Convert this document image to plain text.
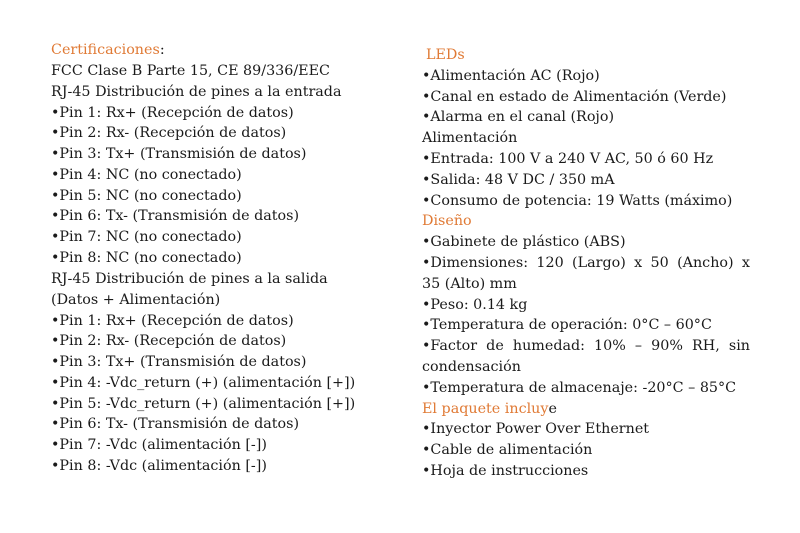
Certificaciones:
FCC Clase B Parte 15, CE 89/336/EEC
RJ-45 Distribución de pines a la entrada
•Pin 1: Rx+ (Recepción de datos)
•Pin 2: Rx- (Recepción de datos)
•Pin 3: Tx+ (Transmisión de datos)
•Pin 4: NC (no conectado)
•Pin 5: NC (no conectado)
•Pin 6: Tx- (Transmisión de datos)
•Pin 7: NC (no conectado)
•Pin 8: NC (no conectado)
RJ-45 Distribución de pines a la salida
(Datos + Alimentación)
•Pin 1: Rx+ (Recepción de datos)
•Pin 2: Rx- (Recepción de datos)
•Pin 3: Tx+ (Transmisión de datos)
•Pin 4: -Vdc_return (+) (alimentación [+])
•Pin 5: -Vdc_return (+) (alimentación [+])
•Pin 6: Tx- (Transmisión de datos)
•Pin 7: -Vdc (alimentación [-])
•Pin 8: -Vdc (alimentación [-])
LEDs
•Alimentación AC (Rojo)
•Canal en estado de Alimentación (Verde)
•Alarma en el canal (Rojo)
Alimentación
•Entrada: 100 V a 240 V AC, 50 ó 60 Hz
•Salida: 48 V DC / 350 mA
•Consumo de potencia: 19 Watts (máximo)
Diseño
•Gabinete de plástico (ABS)
•Dimensiones: 120 (Largo) x 50 (Ancho) x
35 (Alto) mm
•Peso: 0.14 kg
•Temperatura de operación: 0°C – 60°C
•Factor de humedad: 10% – 90% RH, sin
condensación
•Temperatura de almacenaje: -20°C – 85°C
El paquete incluye
•Inyector Power Over Ethernet
•Cable de alimentación
•Hoja de instrucciones
